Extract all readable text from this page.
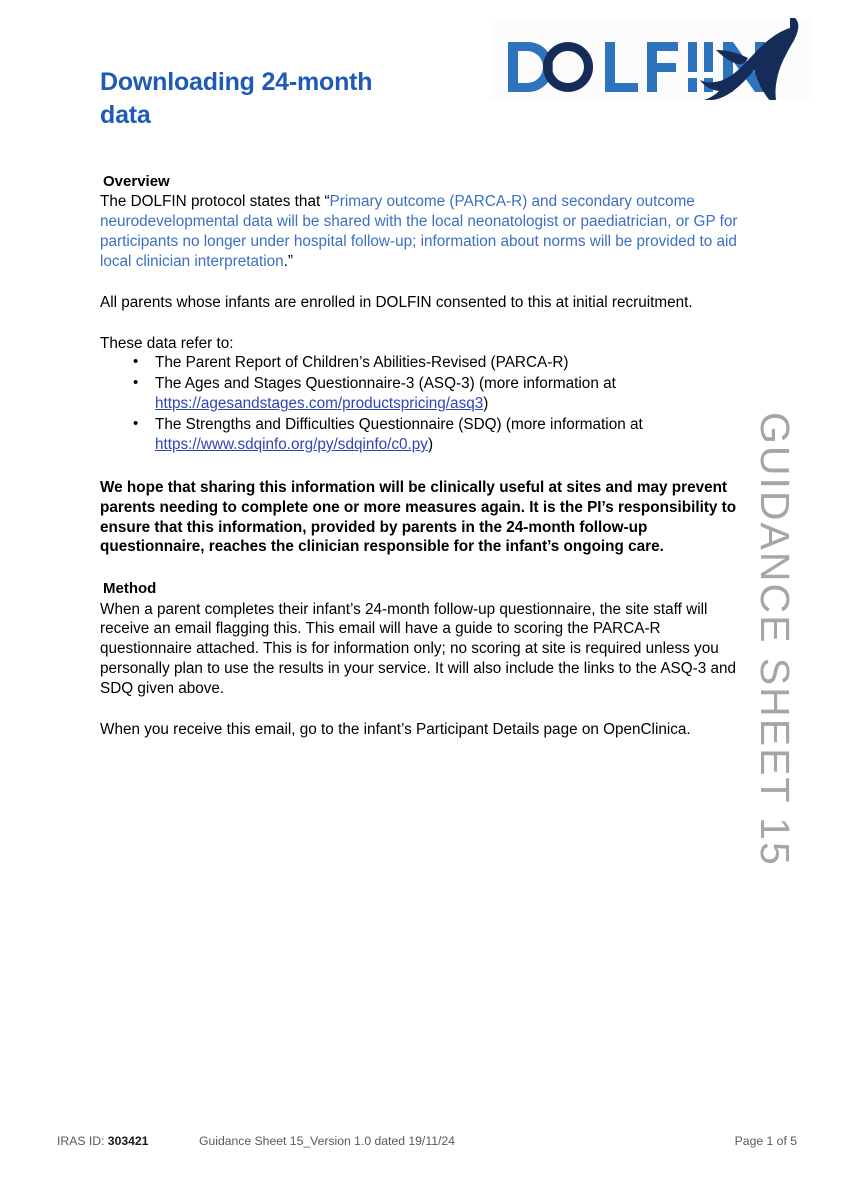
Downloading 24-month
data
GUIDANCE SHEET 15
Overview

The DOLFIN protocol states that “Primary outcome (PARCA-R) and secondary outcome neurodevelopmental data will be shared with the local neonatologist or paediatrician, or GP for participants no longer under hospital follow-up; information about norms will be provided to aid local clinician interpretation.”

All parents whose infants are enrolled in DOLFIN consented to this at initial recruitment.

These data refer to:

• The Parent Report of Children’s Abilities-Revised (PARCA-R)
• The Ages and Stages Questionnaire-3 (ASQ-3) (more information at https://agesandstages.com/productspricing/asq3)
• The Strengths and Difficulties Questionnaire (SDQ) (more information at https://www.sdqinfo.org/py/sdqinfo/c0.py)

We hope that sharing this information will be clinically useful at sites and may prevent parents needing to complete one or more measures again. It is the PI’s responsibility to ensure that this information, provided by parents in the 24-month follow-up questionnaire, reaches the clinician responsible for the infant’s ongoing care.

Method

When a parent completes their infant’s 24-month follow-up questionnaire, the site staff will receive an email flagging this. This email will have a guide to scoring the PARCA-R questionnaire attached. This is for information only; no scoring at site is required unless you personally plan to use the results in your service. It will also include the links to the ASQ-3 and SDQ given above.

When you receive this email, go to the infant’s Participant Details page on OpenClinica.

IRAS ID: 303421	Guidance Sheet 15_Version 1.0 dated 19/11/24	Page 1 of 5
